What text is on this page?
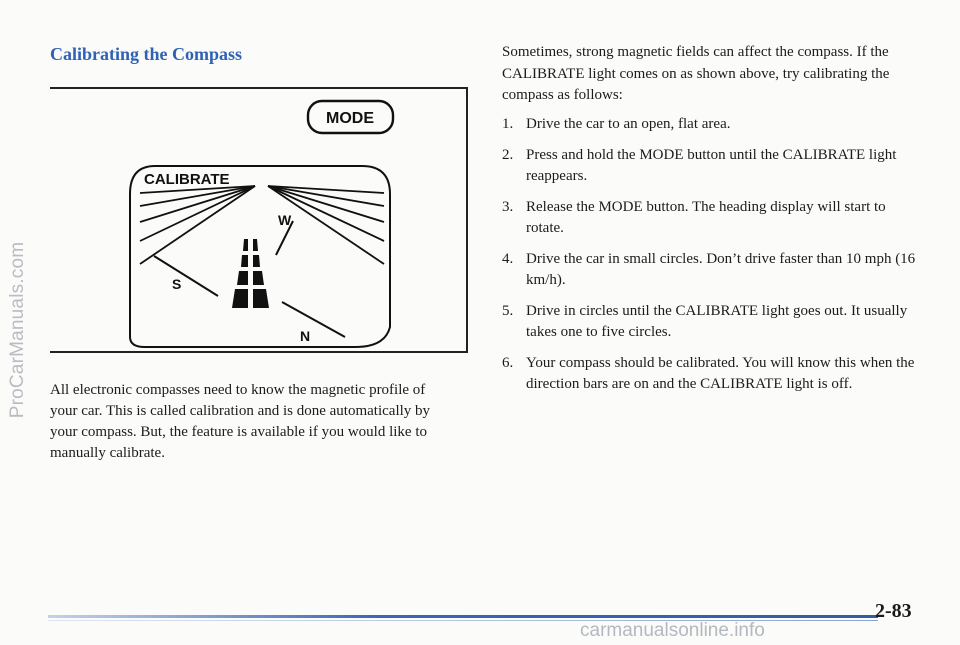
ProCarManuals.com
Calibrating the Compass
MODE
CALIBRATE
W
S
N

All electronic compasses need to know the magnetic profile of your car. This is called calibration and is done automatically by your compass. But, the feature is available if you would like to manually calibrate.

Sometimes, strong magnetic fields can affect the compass. If the CALIBRATE light comes on as shown above, try calibrating the compass as follows:

1. Drive the car to an open, flat area.
2. Press and hold the MODE button until the CALIBRATE light reappears.
3. Release the MODE button. The heading display will start to rotate.
4. Drive the car in small circles. Don’t drive faster than 10 mph (16 km/h).
5. Drive in circles until the CALIBRATE light goes out. It usually takes one to five circles.
6. Your compass should be calibrated. You will know this when the direction bars are on and the CALIBRATE light is off.
2-83
carmanualsonline.info
